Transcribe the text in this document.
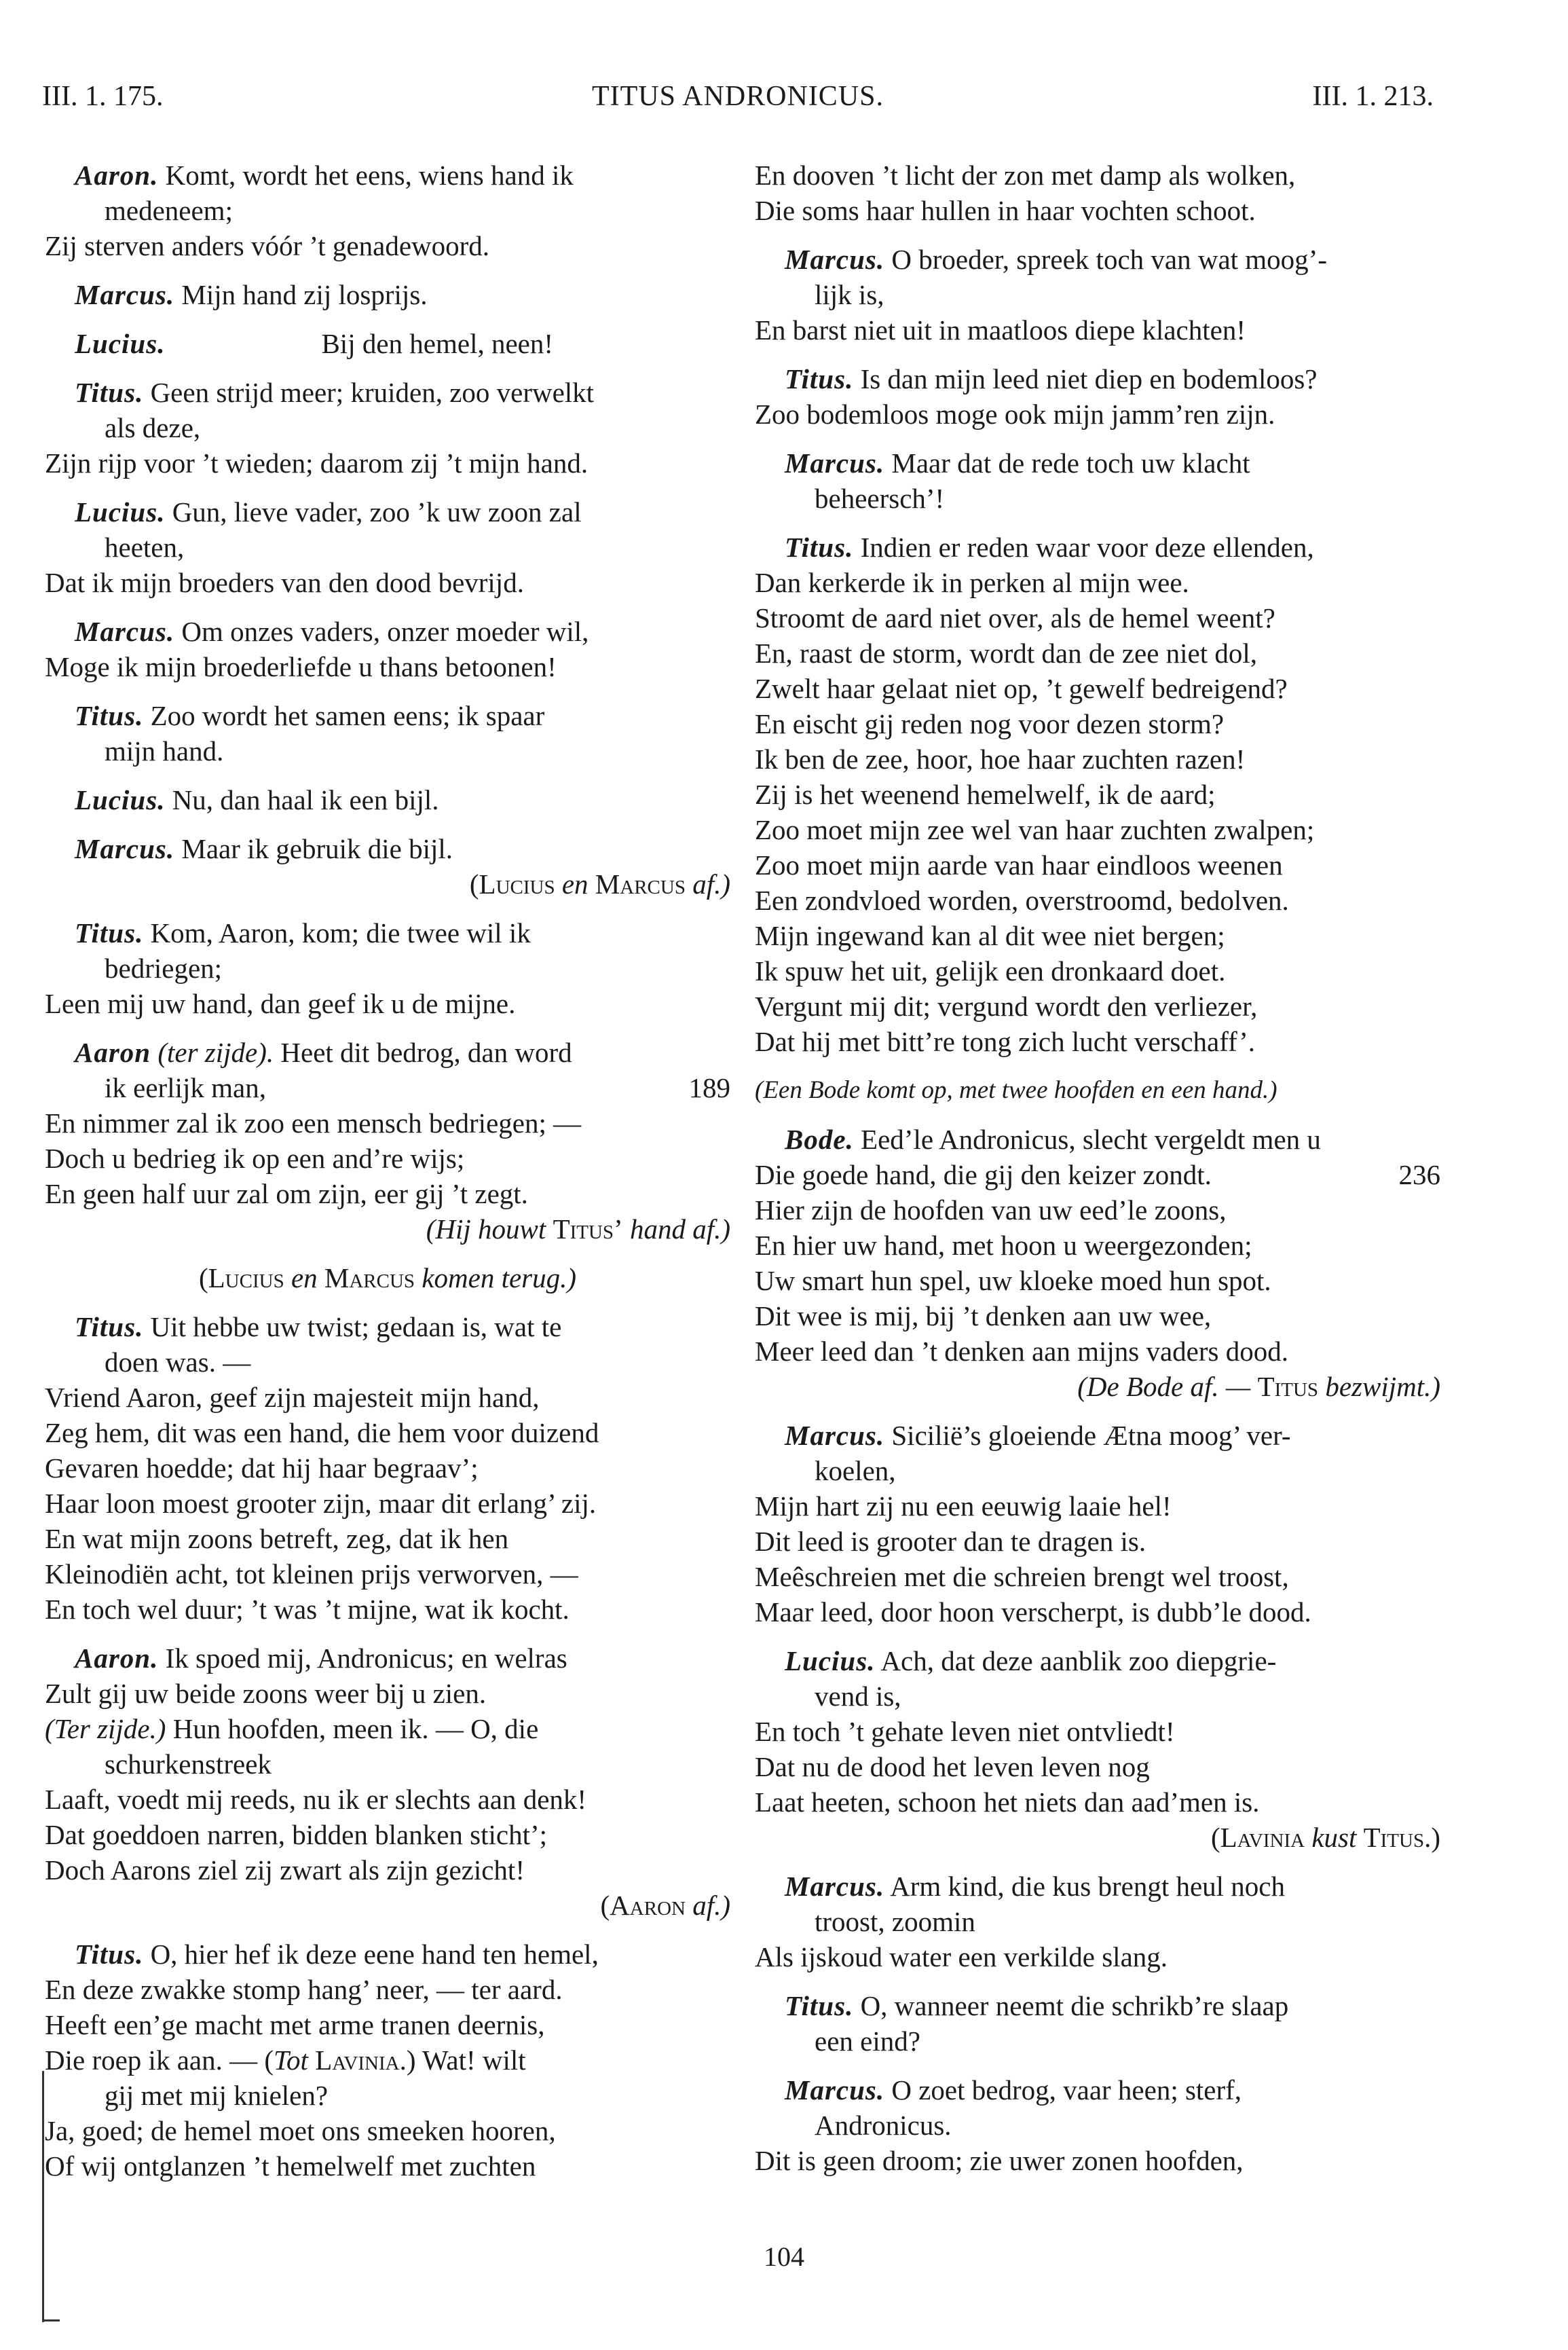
III. 1. 175.	TITUS ANDRONICUS.	III. 1. 213.
Aaron. Komt, wordt het eens, wiens hand ik
medeneem;
Zij sterven anders vóór ’t genadewoord.
Marcus. Mijn hand zij losprijs.
Lucius.	Bij den hemel, neen!
Titus. Geen strijd meer; kruiden, zoo verwelkt
als deze,
Zijn rijp voor ’t wieden; daarom zij ’t mijn hand.
Lucius. Gun, lieve vader, zoo ’k uw zoon zal
heeten,
Dat ik mijn broeders van den dood bevrijd.
Marcus. Om onzes vaders, onzer moeder wil,
Moge ik mijn broederliefde u thans betoonen!
Titus. Zoo wordt het samen eens; ik spaar
mijn hand.
Lucius. Nu, dan haal ik een bijl.
Marcus. Maar ik gebruik die bijl.
(Lucius en Marcus af.)
Titus. Kom, Aaron, kom; die twee wil ik
bedriegen;
Leen mij uw hand, dan geef ik u de mijne.
Aaron (ter zijde). Heet dit bedrog, dan word
ik eerlijk man,	189
En nimmer zal ik zoo een mensch bedriegen; —
Doch u bedrieg ik op een and’re wijs;
En geen half uur zal om zijn, eer gij ’t zegt.
(Hij houwt Titus’ hand af.)
(Lucius en Marcus komen terug.)
Titus. Uit hebbe uw twist; gedaan is, wat te
doen was. —
Vriend Aaron, geef zijn majesteit mijn hand,
Zeg hem, dit was een hand, die hem voor duizend
Gevaren hoedde; dat hij haar begraav’;
Haar loon moest grooter zijn, maar dit erlang’ zij.
En wat mijn zoons betreft, zeg, dat ik hen
Kleinodiën acht, tot kleinen prijs verworven, —
En toch wel duur; ’t was ’t mijne, wat ik kocht.
Aaron. Ik spoed mij, Andronicus; en welras
Zult gij uw beide zoons weer bij u zien.
(Ter zijde.) Hun hoofden, meen ik. — O, die
schurkenstreek
Laaft, voedt mij reeds, nu ik er slechts aan denk!
Dat goeddoen narren, bidden blanken sticht’;
Doch Aarons ziel zij zwart als zijn gezicht!
(Aaron af.)
Titus. O, hier hef ik deze eene hand ten hemel,
En deze zwakke stomp hang’ neer, — ter aard.
Heeft een’ge macht met arme tranen deernis,
Die roep ik aan. — (Tot Lavinia.) Wat! wilt
gij met mij knielen?
Ja, goed; de hemel moet ons smeeken hooren,
Of wij ontglanzen ’t hemelwelf met zuchten
En dooven ’t licht der zon met damp als wolken,
Die soms haar hullen in haar vochten schoot.
Marcus. O broeder, spreek toch van wat moog’-
lijk is,
En barst niet uit in maatloos diepe klachten!
Titus. Is dan mijn leed niet diep en bodemloos?
Zoo bodemloos moge ook mijn jamm’ren zijn.
Marcus. Maar dat de rede toch uw klacht
beheersch’!
Titus. Indien er reden waar voor deze ellenden,
Dan kerkerde ik in perken al mijn wee.
Stroomt de aard niet over, als de hemel weent?
En, raast de storm, wordt dan de zee niet dol,
Zwelt haar gelaat niet op, ’t gewelf bedreigend?
En eischt gij reden nog voor dezen storm?
Ik ben de zee, hoor, hoe haar zuchten razen!
Zij is het weenend hemelwelf, ik de aard;
Zoo moet mijn zee wel van haar zuchten zwalpen;
Zoo moet mijn aarde van haar eindloos weenen
Een zondvloed worden, overstroomd, bedolven.
Mijn ingewand kan al dit wee niet bergen;
Ik spuw het uit, gelijk een dronkaard doet.
Vergunt mij dit; vergund wordt den verliezer,
Dat hij met bitt’re tong zich lucht verschaff’.
(Een Bode komt op, met twee hoofden en een hand.)
Bode. Eed’le Andronicus, slecht vergeldt men u
Die goede hand, die gij den keizer zondt.	236
Hier zijn de hoofden van uw eed’le zoons,
En hier uw hand, met hoon u weergezonden;
Uw smart hun spel, uw kloeke moed hun spot.
Dit wee is mij, bij ’t denken aan uw wee,
Meer leed dan ’t denken aan mijns vaders dood.
(De Bode af. — Titus bezwijmt.)
Marcus. Sicilië’s gloeiende Ætna moog’ ver-
koelen,
Mijn hart zij nu een eeuwig laaie hel!
Dit leed is grooter dan te dragen is.
Meêschreien met die schreien brengt wel troost,
Maar leed, door hoon verscherpt, is dubb’le dood.
Lucius. Ach, dat deze aanblik zoo diepgrie-
vend is,
En toch ’t gehate leven niet ontvliedt!
Dat nu de dood het leven leven nog
Laat heeten, schoon het niets dan aad’men is.
(Lavinia kust Titus.)
Marcus. Arm kind, die kus brengt heul noch
troost, zoomin
Als ijskoud water een verkilde slang.
Titus. O, wanneer neemt die schrikb’re slaap
een eind?
Marcus. O zoet bedrog, vaar heen; sterf,
Andronicus.
Dit is geen droom; zie uwer zonen hoofden,
104
